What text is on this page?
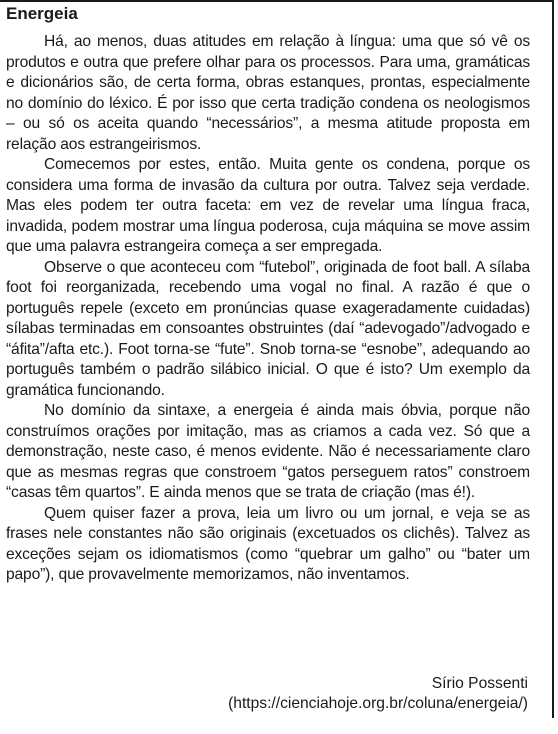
Energeia

Há, ao menos, duas atitudes em relação à língua: uma que só vê os produtos e outra que prefere olhar para os processos. Para uma, gramáticas e dicionários são, de certa forma, obras estanques, prontas, especialmente no domínio do léxico. É por isso que certa tradição condena os neologismos – ou só os aceita quando “necessários”, a mesma atitude proposta em relação aos estrangeirismos.

Comecemos por estes, então. Muita gente os condena, porque os considera uma forma de invasão da cultura por outra. Talvez seja verdade. Mas eles podem ter outra faceta: em vez de revelar uma língua fraca, invadida, podem mostrar uma língua poderosa, cuja máquina se move assim que uma palavra estrangeira começa a ser empregada.

Observe o que aconteceu com “futebol”, originada de foot ball. A sílaba foot foi reorganizada, recebendo uma vogal no final. A razão é que o português repele (exceto em pronúncias quase exageradamente cuidadas) sílabas terminadas em consoantes obstruintes (daí “adevogado”/advogado e “áfita”/afta etc.). Foot torna-se “fute”. Snob torna-se “esnobe”, adequando ao português também o padrão silábico inicial. O que é isto? Um exemplo da gramática funcionando.

No domínio da sintaxe, a energeia é ainda mais óbvia, porque não construímos orações por imitação, mas as criamos a cada vez. Só que a demonstração, neste caso, é menos evidente. Não é necessariamente claro que as mesmas regras que constroem “gatos perseguem ratos” constroem “casas têm quartos”. E ainda menos que se trata de criação (mas é!).

Quem quiser fazer a prova, leia um livro ou um jornal, e veja se as frases nele constantes não são originais (excetuados os clichês). Talvez as exceções sejam os idiomatismos (como “quebrar um galho” ou “bater um papo”), que provavelmente memorizamos, não inventamos.

Sírio Possenti
(https://cienciahoje.org.br/coluna/energeia/)
